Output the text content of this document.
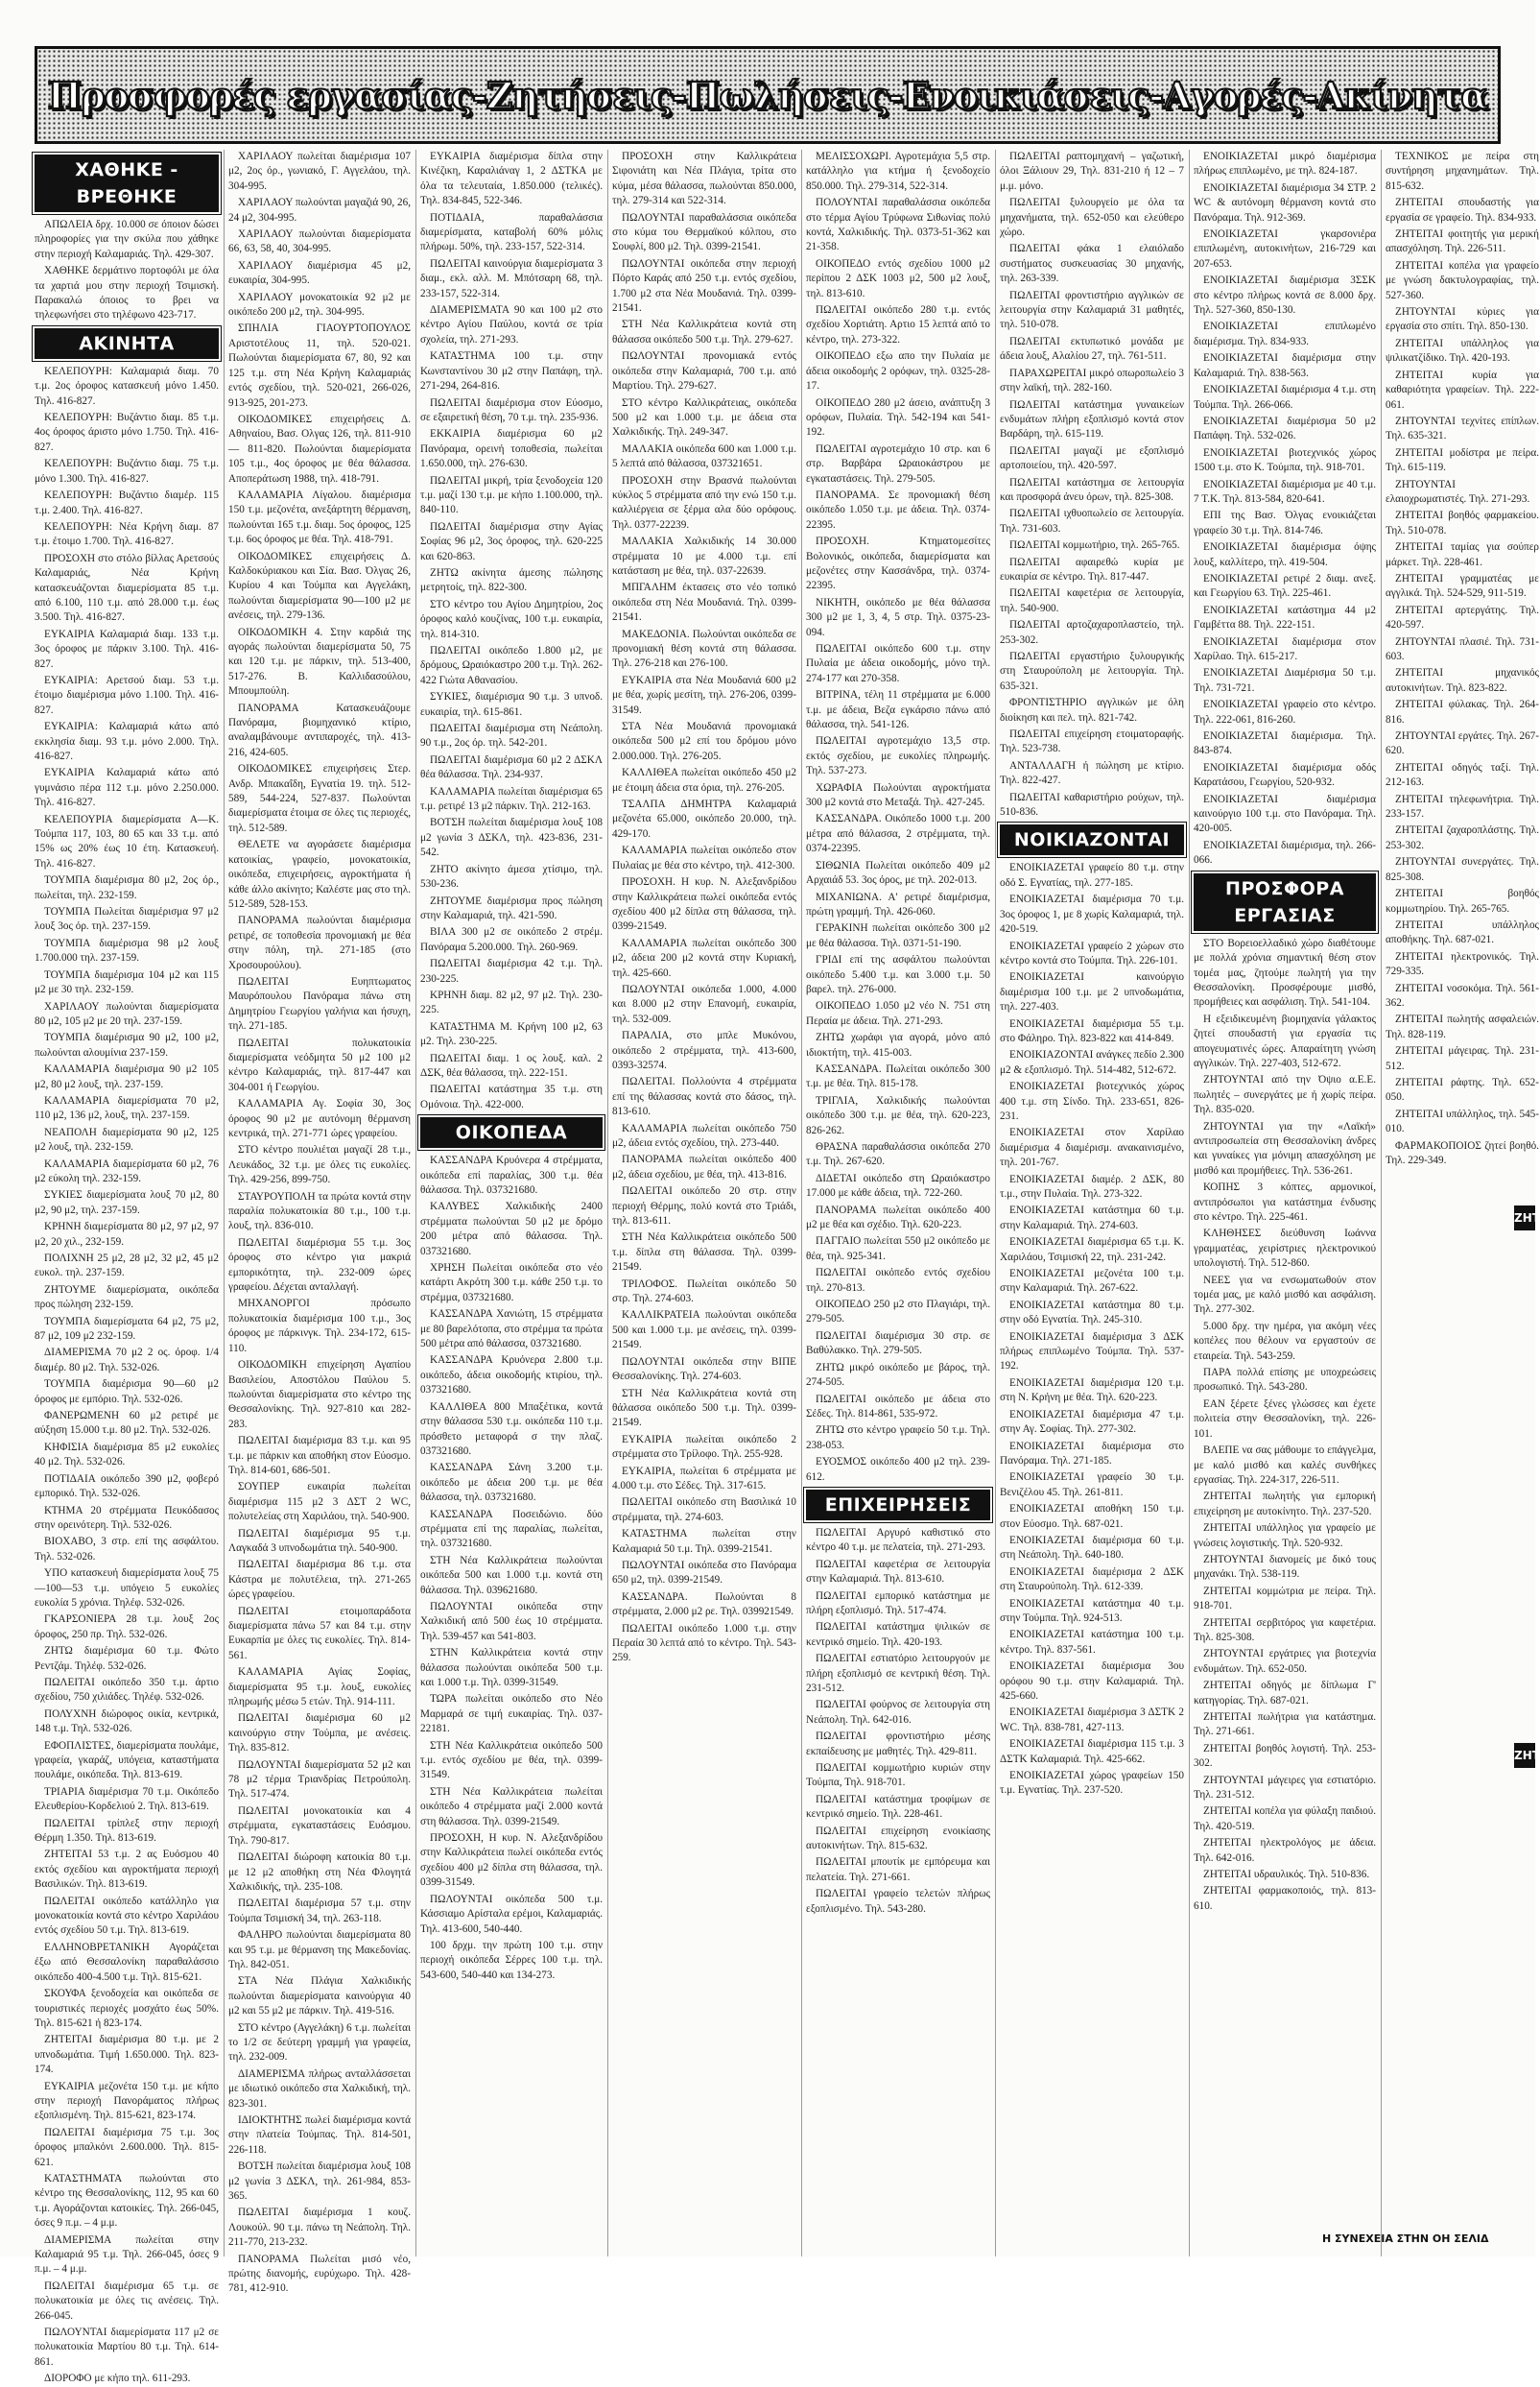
Προσφορές εργασίας-Ζητήσεις-Πωλήσεις-Ενοικιάσεις-Αγορές-Ακίνητα
ΧΑΘΗΚΕ - ΒΡΕΘΗΚΕ

ΑΠΩΛΕΙΑ δρχ. 10.000 σε όποιον δώσει πληροφορίες για την σκύλα που χάθηκε στην περιοχή Καλαμαριάς. Τηλ. 429-307.

ΧΑΘΗΚΕ δερμάτινο πορτοφόλι με όλα τα χαρτιά μου στην περιοχή Τσιμισκή. Παρακαλώ όποιος το βρει να τηλεφωνήσει στο τηλέφωνο 423-717.

ΑΚΙΝΗΤΑ

ΚΕΛΕΠΟΥΡΗ: Καλαμαριά διαμ. 70 τ.μ. 2ος όροφος κατασκευή μόνο 1.450. Τηλ. 416-827.

ΚΕΛΕΠΟΥΡΗ: Βυζάντιο διαμ. 85 τ.μ. 4ος όροφος άριστο μόνο 1.750. Τηλ. 416-827.

ΚΕΛΕΠΟΥΡΗ: Βυζάντιο διαμ. 75 τ.μ. μόνο 1.300. Τηλ. 416-827.

ΚΕΛΕΠΟΥΡΗ: Βυζάντιο διαμέρ. 115 τ.μ. 2.400. Τηλ. 416-827.

ΚΕΛΕΠΟΥΡΗ: Νέα Κρήνη διαμ. 87 τ.μ. έτοιμο 1.700. Τηλ. 416-827.

ΠΡΟΣΟΧΗ στο στόλο βίλλας Αρετσούς Καλαμαριάς, Νέα Κρήνη κατασκευάζονται διαμερίσματα 85 τ.μ. από 6.100, 110 τ.μ. από 28.000 τ.μ. έως 3.500. Τηλ. 416-827.

ΕΥΚΑΙΡΙΑ Καλαμαριά διαμ. 133 τ.μ. 3ος όροφος με πάρκιν 3.100. Τηλ. 416-827.

ΕΥΚΑΙΡΙΑ: Αρετσού διαμ. 53 τ.μ. έτοιμο διαμέρισμα μόνο 1.100. Τηλ. 416-827.

ΕΥΚΑΙΡΙΑ: Καλαμαριά κάτω από εκκλησία διαμ. 93 τ.μ. μόνο 2.000. Τηλ. 416-827.

ΕΥΚΑΙΡΙΑ Καλαμαριά κάτω από γυμνάσιο πέρα 112 τ.μ. μόνο 2.250.000. Τηλ. 416-827.

ΚΕΛΕΠΟΥΡΙΑ διαμερίσματα Α—Κ. Τούμπα 117, 103, 80 65 και 33 τ.μ. από 15% ως 20% έως 10 έτη. Κατασκευή. Τηλ. 416-827.

ΤΟΥΜΠΑ διαμέρισμα 80 μ2, 2ος όρ., πωλείται, τηλ. 232-159.

ΤΟΥΜΠΑ Πωλείται διαμέρισμα 97 μ2 λουξ 3ος όρ. τηλ. 237-159.

ΤΟΥΜΠΑ διαμέρισμα 98 μ2 λουξ 1.700.000 τηλ. 237-159.

ΤΟΥΜΠΑ διαμέρισμα 104 μ2 και 115 μ2 με 30 τηλ. 232-159.

ΧΑΡΙΛΑΟΥ πωλούνται διαμερίσματα 80 μ2, 105 μ2 με 20 τηλ. 237-159.

ΤΟΥΜΠΑ διαμέρισμα 90 μ2, 100 μ2, πωλούνται αλουμίνια 237-159.

ΚΑΛΑΜΑΡΙΑ διαμέρισμα 90 μ2 105 μ2, 80 μ2 λουξ, τηλ. 237-159.

ΚΑΛΑΜΑΡΙΑ διαμερίσματα 70 μ2, 110 μ2, 136 μ2, λουξ, τηλ. 237-159.

ΝΕΑΠΟΛΗ διαμερίσματα 90 μ2, 125 μ2 λουξ, τηλ. 232-159.

ΚΑΛΑΜΑΡΙΑ διαμερίσματα 60 μ2, 76 μ2 εύκολη τηλ. 232-159.

ΣΥΚΙΕΣ διαμερίσματα λουξ 70 μ2, 80 μ2, 90 μ2, τηλ. 237-159.

ΚΡΗΝΗ διαμερίσματα 80 μ2, 97 μ2, 97 μ2, 20 χιλ., 232-159.

ΠΟΛΙΧΝΗ 25 μ2, 28 μ2, 32 μ2, 45 μ2 ευκολ. τηλ. 237-159.

ΖΗΤΟΥΜΕ διαμερίσματα, οικόπεδα προς πώληση 232-159.

ΤΟΥΜΠΑ διαμερίσματα 64 μ2, 75 μ2, 87 μ2, 109 μ2 232-159.

ΔΙΑΜΕΡΙΣΜΑ 70 μ2 2 ος. όροφ. 1/4 διαμέρ. 80 μ2. Τηλ. 532-026.

ΤΟΥΜΠΑ διαμέρισμα 90—60 μ2 όροφος με εμπόριο. Τηλ. 532-026.

ΦΑΝΕΡΩΜΕΝΗ 60 μ2 ρετιρέ με αύξηση 15.000 τ.μ. 80 μ2. Τηλ. 532-026.

ΚΗΦΙΣΙΑ διαμέρισμα 85 μ2 ευκολίες 40 μ2. Τηλ. 532-026.

ΠΟΤΙΔΑΙΑ οικόπεδο 390 μ2, φοβερό εμπορικό. Τηλ. 532-026.

ΚΤΗΜΑ 20 στρέμματα Πευκόδασος στην ορεινότερη. Τηλ. 532-026.

ΒΙΟΧΑΒΟ, 3 στρ. επί της ασφάλτου. Τηλ. 532-026.

ΥΠΟ κατασκευή διαμερίσματα λουξ 75—100—53 τ.μ. υπόγειο 5 ευκολίες ευκολία 5 χρόνια. Τηλέφ. 532-026.

ΓΚΑΡΣΟΝΙΕΡΑ 28 τ.μ. λουξ 2ος όροφος, 250 πρ. Τηλ. 532-026.

ΖΗΤΩ διαμέρισμα 60 τ.μ. Φώτο Ρεντζάμ. Τηλέφ. 532-026.

ΠΩΛΕΙΤΑΙ οικόπεδο 350 τ.μ. άρτιο σχεδίου, 750 χιλιάδες. Τηλέφ. 532-026.

ΠΟΛΥΧΝΗ διώροφος οικία, κεντρικά, 148 τ.μ. Τηλ. 532-026.

ΕΦΟΠΛΙΣΤΕΣ, διαμερίσματα πουλάμε, γραφεία, γκαράζ, υπόγεια, καταστήματα πουλάμε, οικόπεδα. Τηλ. 813-619.

ΤΡΙΑΡΙΑ διαμέρισμα 70 τ.μ. Οικόπεδο Ελευθερίου-Κορδελιού 2. Τηλ. 813-619.

ΠΩΛΕΙΤΑΙ τρίπλεξ στην περιοχή Θέρμη 1.350. Τηλ. 813-619.

ΖΗΤΕΙΤΑΙ 53 τ.μ. 2 ας Ευόσμου 40 εκτός σχεδίου και αγροκτήματα περιοχή Βασιλικών. Τηλ. 813-619.

ΠΩΛΕΙΤΑΙ οικόπεδο κατάλληλο για μονοκατοικία κοντά στο κέντρο Χαριλάου εντός σχεδίου 50 τ.μ. Τηλ. 813-619.

ΕΛΛΗΝΟΒΡΕΤΑΝΙΚΗ Αγοράζεται έξω από Θεσσαλονίκη παραθαλάσσιο οικόπεδο 400-4.500 τ.μ. Τηλ. 815-621.

ΣΚΟΥΦΑ ξενοδοχεία και οικόπεδα σε τουριστικές περιοχές μοσχάτο έως 50%. Τηλ. 815-621 ή 823-174.

ΖΗΤΕΙΤΑΙ διαμέρισμα 80 τ.μ. με 2 υπνοδωμάτια. Τιμή 1.650.000. Τηλ. 823-174.

ΕΥΚΑΙΡΙΑ μεζονέτα 150 τ.μ. με κήπο στην περιοχή Πανοράματος πλήρως εξοπλισμένη. Τηλ. 815-621, 823-174.

ΠΩΛΕΙΤΑΙ διαμέρισμα 75 τ.μ. 3ος όροφος μπαλκόνι 2.600.000. Τηλ. 815-621.

ΚΑΤΑΣΤΗΜΑΤΑ πωλούνται στο κέντρο της Θεσσαλονίκης, 112, 95 και 60 τ.μ. Αγοράζονται κατοικίες. Τηλ. 266-045, όσες 9 π.μ. – 4 μ.μ.

ΔΙΑΜΕΡΙΣΜΑ πωλείται στην Καλαμαριά 95 τ.μ. Τηλ. 266-045, όσες 9 π.μ. – 4 μ.μ.

ΠΩΛΕΙΤΑΙ διαμέρισμα 65 τ.μ. σε πολυκατοικία με όλες τις ανέσεις. Τηλ. 266-045.

ΠΩΛΟΥΝΤΑΙ διαμερίσματα 117 μ2 σε πολυκατοικία Μαρτίου 80 τ.μ. Τηλ. 614-861.

ΔΙΟΡΟΦΟ με κήπο τηλ. 611-293.

ΧΑΡΙΛΑΟΥ πωλείται διαμέρισμα 107 μ2, 2ος όρ., γωνιακό, Γ. Αγγελάου, τηλ. 304-995.

ΧΑΡΙΛΑΟΥ πωλούνται μαγαζιά 90, 26, 24 μ2, 304-995.

ΧΑΡΙΛΑΟΥ πωλούνται διαμερίσματα 66, 63, 58, 40, 304-995.

ΧΑΡΙΛΑΟΥ διαμέρισμα 45 μ2, ευκαιρία, 304-995.

ΧΑΡΙΛΑΟΥ μονοκατοικία 92 μ2 με οικόπεδο 200 μ2, τηλ. 304-995.

ΣΠΗΛΙΑ ΓΙΑΟΥΡΤΟΠΟΥΛΟΣ Αριστοτέλους 11, τηλ. 520-021. Πωλούνται διαμερίσματα 67, 80, 92 και 125 τ.μ. στη Νέα Κρήνη Καλαμαριάς εντός σχεδίου, τηλ. 520-021, 266-026, 913-925, 201-273.

ΟΙΚΟΔΟΜΙΚΕΣ επιχειρήσεις Δ. Αθηναίου, Βασ. Ολγας 126, τηλ. 811-910 — 811-820. Πωλούνται διαμερίσματα 105 τ.μ., 4ος όροφος με θέα θάλασσα. Αποπεράτωση 1988, τηλ. 418-791.

ΚΑΛΑΜΑΡΙΑ Λίγαλου. διαμέρισμα 150 τ.μ. μεζονέτα, ανεξάρτητη θέρμανση, πωλούνται 165 τ.μ. διαμ. 5ος όροφος, 125 τ.μ. 6ος όροφος με θέα. Τηλ. 418-791.

ΟΙΚΟΔΟΜΙΚΕΣ επιχειρήσεις Δ. Καλδοκύριακου και Σία. Βασ. Όλγας 26, Κυρίου 4 και Τούμπα και Αγγελάκη, πωλούνται διαμερίσματα 90—100 μ2 με ανέσεις, τηλ. 279-136.

ΟΙΚΟΔΟΜΙΚΗ 4. Στην καρδιά της αγοράς πωλούνται διαμερίσματα 50, 75 και 120 τ.μ. με πάρκιν, τηλ. 513-400, 517-276. Β. Καλλιδασούλου, Μπουμπούλη.

ΠΑΝΟΡΑΜΑ Κατασκευάζουμε Πανόραμα, βιομηχανικό κτίριο, αναλαμβάνουμε αντιπαροχές, τηλ. 413-216, 424-605.

ΟΙΚΟΔΟΜΙΚΕΣ επιχειρήσεις Στερ. Ανδρ. Μπακαΐδη, Εγνατία 19. τηλ. 512-589, 544-224, 527-837. Πωλούνται διαμερίσματα έτοιμα σε όλες τις περιοχές, τηλ. 512-589.

ΘΕΛΕΤΕ να αγοράσετε διαμέρισμα κατοικίας, γραφείο, μονοκατοικία, οικόπεδα, επιχειρήσεις, αγροκτήματα ή κάθε άλλο ακίνητο; Καλέστε μας στο τηλ. 512-589, 528-153.

ΠΑΝΟΡΑΜΑ πωλούνται διαμέρισμα ρετιρέ, σε τοποθεσία προνομιακή με θέα στην πόλη, τηλ. 271-185 (στο Χροσουρούλου).

ΠΩΛΕΙΤΑΙ Ευηπτωματος Μαυρόπουλου Πανόραμα πάνω στη Δημητρίου Γεωργίου γαλήνια και ήσυχη, τηλ. 271-185.

ΠΩΛΕΙΤΑΙ πολυκατοικία διαμερίσματα νεόδμητα 50 μ2 100 μ2 κέντρο Καλαμαριάς, τηλ. 817-447 και 304-001 ή Γεωργίου.

ΚΑΛΑΜΑΡΙΑ Αγ. Σοφία 30, 3ος όροφος 90 μ2 με αυτόνομη θέρμανση κεντρικά, τηλ. 271-771 ώρες γραφείου.

ΣΤΟ κέντρο πουλιέται μαγαζί 28 τ.μ., Λευκάδος, 32 τ.μ. με όλες τις ευκολίες. Τηλ. 429-256, 899-750.

ΣΤΑΥΡΟΥΠΟΛΗ τα πρώτα κοντά στην παραλία πολυκατοικία 80 τ.μ., 100 τ.μ. λουξ, τηλ. 836-010.

ΠΩΛΕΙΤΑΙ διαμέρισμα 55 τ.μ. 3ος όροφος στο κέντρο για μακριά εμπορικότητα, τηλ. 232-009 ώρες γραφείου. Δέχεται ανταλλαγή.

ΜΗΧΑΝΟΡΓΟΙ πρόσωπο πολυκατοικία διαμέρισμα 100 τ.μ., 3ος όροφος με πάρκινγκ. Τηλ. 234-172, 615-110.

ΟΙΚΟΔΟΜΙΚΗ επιχείρηση Αγαπίου Βασιλείου, Αποστόλου Παύλου 5. πωλούνται διαμερίσματα στο κέντρο της Θεσσαλονίκης. Τηλ. 927-810 και 282-283.

ΠΩΛΕΙΤΑΙ διαμέρισμα 83 τ.μ. και 95 τ.μ. με πάρκιν και αποθήκη στον Εύοσμο. Τηλ. 814-601, 686-501.

ΣΟΥΠΕΡ ευκαιρία πωλείται διαμέρισμα 115 μ2 3 ΔΣΤ 2 WC, πολυτελείας στη Χαριλάου, τηλ. 540-900.

ΠΩΛΕΙΤΑΙ διαμέρισμα 95 τ.μ. Λαγκαδά 3 υπνοδωμάτια τηλ. 540-900.

ΠΩΛΕΙΤΑΙ διαμέρισμα 86 τ.μ. στα Κάστρα με πολυτέλεια, τηλ. 271-265 ώρες γραφείου.

ΠΩΛΕΙΤΑΙ ετοιμοπαράδοτα διαμερίσματα πάνω 57 και 84 τ.μ. στην Ευκαρπία με όλες τις ευκολίες. Τηλ. 814-561.

ΚΑΛΑΜΑΡΙΑ Αγίας Σοφίας, διαμερίσματα 95 τ.μ. λουξ, ευκολίες πληρωμής μέσω 5 ετών. Τηλ. 914-111.

ΠΩΛΕΙΤΑΙ διαμέρισμα 60 μ2 καινούργιο στην Τούμπα, με ανέσεις. Τηλ. 835-812.

ΠΩΛΟΥΝΤΑΙ διαμερίσματα 52 μ2 και 78 μ2 τέρμα Τριανδρίας Πετρούπολη. Τηλ. 517-474.

ΠΩΛΕΙΤΑΙ μονοκατοικία και 4 στρέμματα, εγκαταστάσεις Ευόσμου. Τηλ. 790-817.

ΠΩΛΕΙΤΑΙ διώροφη κατοικία 80 τ.μ. με 12 μ2 αποθήκη στη Νέα Φλογητά Χαλκιδικής, τηλ. 235-108.

ΠΩΛΕΙΤΑΙ διαμέρισμα 57 τ.μ. στην Τούμπα Τσιμισκή 34, τηλ. 263-118.

ΦΑΛΗΡΟ πωλούνται διαμερίσματα 80 και 95 τ.μ. με θέρμανση της Μακεδονίας. Τηλ. 842-051.

ΣΤΑ Νέα Πλάγια Χαλκιδικής πωλούνται διαμερίσματα καινούργια 40 μ2 και 55 μ2 με πάρκιν. Τηλ. 419-516.

ΣΤΟ κέντρο (Αγγελάκη) 6 τ.μ. πωλείται το 1/2 σε δεύτερη γραμμή για γραφεία, τηλ. 232-009.

ΔΙΑΜΕΡΙΣΜΑ πλήρως ανταλλάσσεται με ιδιωτικό οικόπεδο στα Χαλκιδική, τηλ. 823-301.

ΙΔΙΟΚΤΗΤΗΣ πωλεί διαμέρισμα κοντά στην πλατεία Τούμπας. Τηλ. 814-501, 226-118.

ΒΟΤΣΗ πωλείται διαμέρισμα λουξ 108 μ2 γωνία 3 ΔΣΚΛ, τηλ. 261-984, 853-365.

ΠΩΛΕΙΤΑΙ διαμέρισμα 1 κουζ. Λουκούλ. 90 τ.μ. πάνω τη Νεάπολη. Τηλ. 211-770, 213-232.

ΠΑΝΟΡΑΜΑ Πωλείται μισό νέο, πρώτης διανομής, ευρύχωρο. Τηλ. 428-781, 412-910.

ΕΥΚΑΙΡΙΑ διαμέρισμα δίπλα στην Κινέζικη, Καραλιάναγ 1, 2 ΔΣΤΚΑ με όλα τα τελευταία, 1.850.000 (τελικές). Τηλ. 834-845, 522-346.

ΠΟΤΙΔΑΙΑ, παραθαλάσσια διαμερίσματα, καταβολή 60% μόλις πλήρωμ. 50%, τηλ. 233-157, 522-314.

ΠΩΛΕΙΤΑΙ καινούργια διαμερίσματα 3 διαμ., εκλ. αλλ. Μ. Μπότσαρη 68, τηλ. 233-157, 522-314.

ΔΙΑΜΕΡΙΣΜΑΤΑ 90 και 100 μ2 στο κέντρο Αγίου Παύλου, κοντά σε τρία σχολεία, τηλ. 271-293.

ΚΑΤΑΣΤΗΜΑ 100 τ.μ. στην Κωνσταντίνου 30 μ2 στην Παπάφη, τηλ. 271-294, 264-816.

ΠΩΛΕΙΤΑΙ διαμέρισμα στον Εύοσμο, σε εξαιρετική θέση, 70 τ.μ. τηλ. 235-936.

ΕΚΚΑΙΡΙΑ διαμέρισμα 60 μ2 Πανόραμα, ορεινή τοποθεσία, πωλείται 1.650.000, τηλ. 276-630.

ΠΩΛΕΙΤΑΙ μικρή, τρία ξενοδοχεία 120 τ.μ. μαζί 130 τ.μ. με κήπο 1.100.000, τηλ. 840-110.

ΠΩΛΕΙΤΑΙ διαμέρισμα στην Αγίας Σοφίας 96 μ2, 3ος όροφος, τηλ. 620-225 και 620-863.

ΖΗΤΩ ακίνητα άμεσης πώλησης μετρητοίς, τηλ. 822-300.

ΣΤΟ κέντρο του Αγίου Δημητρίου, 2ος όροφος καλό κουζίνας, 100 τ.μ. ευκαιρία, τηλ. 814-310.

ΠΩΛΕΙΤΑΙ οικόπεδο 1.800 μ2, με δρόμους, Ωραιόκαστρο 200 τ.μ. Τηλ. 262-422 Γιώτα Αθανασίου.

ΣΥΚΙΕΣ, διαμέρισμα 90 τ.μ. 3 υπνοδ. ευκαιρία, τηλ. 615-861.

ΠΩΛΕΙΤΑΙ διαμέρισμα στη Νεάπολη. 90 τ.μ., 2ος όρ. τηλ. 542-201.

ΠΩΛΕΙΤΑΙ διαμέρισμα 60 μ2 2 ΔΣΚΛ θέα θάλασσα. Τηλ. 234-937.

ΚΑΛΑΜΑΡΙΑ πωλείται διαμέρισμα 65 τ.μ. ρετιρέ 13 μ2 πάρκιν. Τηλ. 212-163.

ΒΟΤΣΗ πωλείται διαμέρισμα λουξ 108 μ2 γωνία 3 ΔΣΚΛ, τηλ. 423-836, 231-542.

ΖΗΤΟ ακίνητο άμεσα χτίσιμο, τηλ. 530-236.

ΖΗΤΟΥΜΕ διαμέρισμα προς πώληση στην Καλαμαριά, τηλ. 421-590.

ΒΙΛΑ 300 μ2 σε οικόπεδο 2 στρέμ. Πανόραμα 5.200.000. Τηλ. 260-969.

ΠΩΛΕΙΤΑΙ διαμέρισμα 42 τ.μ. Τηλ. 230-225.

ΚΡΗΝΗ διαμ. 82 μ2, 97 μ2. Τηλ. 230-225.

ΚΑΤΑΣΤΗΜΑ Μ. Κρήνη 100 μ2, 63 μ2. Τηλ. 230-225.

ΠΩΛΕΙΤΑΙ διαμ. 1 ος λουξ. καλ. 2 ΔΣΚ, θέα θάλασσα, τηλ. 222-151.

ΠΩΛΕΙΤΑΙ κατάστημα 35 τ.μ. στη Ομόνοια. Τηλ. 422-000.

ΟΙΚΟΠΕΔΑ

ΚΑΣΣΑΝΔΡΑ Κρυόνερα 4 στρέμματα, οικόπεδα επί παραλίας, 300 τ.μ. θέα θάλασσα. Τηλ. 037321680.

ΚΑΛΥΒΕΣ Χαλκιδικής 2400 στρέμματα πωλούνται 50 μ2 με δρόμο 200 μέτρα από θάλασσα. Τηλ. 037321680.

ΧΡΗΣΗ Πωλείται οικόπεδα στο νέο κατάρτι Ακρότη 300 τ.μ. κάθε 250 τ.μ. το στρέμμα, 037321680.

ΚΑΣΣΑΝΔΡΑ Χανιώτη, 15 στρέμματα με 80 βαρελότοπα, στο στρέμμα τα πρώτα 500 μέτρα από θάλασσα, 037321680.

ΚΑΣΣΑΝΔΡΑ Κρυόνερα 2.800 τ.μ. οικόπεδο, άδεια οικοδομής κτιρίου, τηλ. 037321680.

ΚΑΛΛΙΘΕΑ 800 Μπαξέτικα, κοντά στην θάλασσα 530 τ.μ. οικόπεδα 110 τ.μ. πρόσθετο μεταφορά σ την πλαζ. 037321680.

ΚΑΣΣΑΝΔΡΑ Σάνη 3.200 τ.μ. οικόπεδο με άδεια 200 τ.μ. με θέα θάλασσα, τηλ. 037321680.

ΚΑΣΣΑΝΔΡΑ Ποσειδώνιο. δύο στρέμματα επί της παραλίας, πωλείται, τηλ. 037321680.

ΣΤΗ Νέα Καλλικράτεια πωλούνται οικόπεδα 500 και 1.000 τ.μ. κοντά στη θάλασσα. Τηλ. 039621680.

ΠΩΛΟΥΝΤΑΙ οικόπεδα στην Χαλκιδική από 500 έως 10 στρέμματα. Τηλ. 539-457 και 541-803.

ΣΤΗΝ Καλλικράτεια κοντά στην θάλασσα πωλούνται οικόπεδα 500 τ.μ. και 1.000 τ.μ. Τηλ. 0399-31549.

ΤΩΡΑ πωλείται οικόπεδο στο Νέο Μαρμαρά σε τιμή ευκαιρίας. Τηλ. 037-22181.

ΣΤΗ Νέα Καλλικράτεια οικόπεδο 500 τ.μ. εντός σχεδίου με θέα, τηλ. 0399-31549.

ΣΤΗ Νέα Καλλικράτεια πωλείται οικόπεδο 4 στρέμματα μαζί 2.000 κοντά στη θάλασσα. Τηλ. 0399-21549.

ΠΡΟΣΟΧΗ, Η κυρ. Ν. Αλεξανδρίδου στην Καλλικράτεια πωλεί οικόπεδα εντός σχεδίου 400 μ2 δίπλα στη θάλασσα, τηλ. 0399-31549.

ΠΩΛΟΥΝΤΑΙ οικόπεδα 500 τ.μ. Κάσσιαμο Αρίσταλα ερέμοι, Καλαμαριάς. Τηλ. 413-600, 540-440.

100 δρχμ. την πρώτη 100 τ.μ. στην περιοχή οικόπεδα Σέρρες 100 τ.μ. τηλ. 543-600, 540-440 και 134-273.

ΠΡΟΣΟΧΗ στην Καλλικράτεια Σιφονιάτη και Νέα Πλάγια, τρίτα στο κύμα, μέσα θάλασσα, πωλούνται 850.000, τηλ. 279-314 και 522-314.

ΠΩΛΟΥΝΤΑΙ παραθαλάσσια οικόπεδα στο κύμα του Θερμαϊκού κόλπου, στο Σουφλί, 800 μ2. Τηλ. 0399-21541.

ΠΩΛΟΥΝΤΑΙ οικόπεδα στην περιοχή Πόρτο Καράς από 250 τ.μ. εντός σχεδίου, 1.700 μ2 στα Νέα Μουδανιά. Τηλ. 0399-21541.

ΣΤΗ Νέα Καλλικράτεια κοντά στη θάλασσα οικόπεδο 500 τ.μ. Τηλ. 279-627.

ΠΩΛΟΥΝΤΑΙ προνομιακά εντός οικόπεδα στην Καλαμαριά, 700 τ.μ. από Μαρτίου. Τηλ. 279-627.

ΣΤΟ κέντρο Καλλικράτειας, οικόπεδα 500 μ2 και 1.000 τ.μ. με άδεια στα Χαλκιδικής. Τηλ. 249-347.

ΜΑΛΑΚΙΑ οικόπεδα 600 και 1.000 τ.μ. 5 λεπτά από θάλασσα, 037321651.

ΠΡΟΣΟΧΗ στην Βρασνά πωλούνται κύκλος 5 στρέμματα από την ενώ 150 τ.μ. καλλιέργεια σε ξέρμα αλα δύο ορόφους. Τηλ. 0377-22239.

ΜΑΛΑΚΙΑ Χαλκιδικής 14 30.000 στρέμματα 10 με 4.000 τ.μ. επί κατάσταση με θέα, τηλ. 037-22639.

ΜΠΓΑΛΗΜ έκτασεις στο νέο τοπικό οικόπεδα στη Νέα Μουδανιά. Τηλ. 0399-21541.

ΜΑΚΕΔΟΝΙΑ. Πωλούνται οικόπεδα σε προνομιακή θέση κοντά στη θάλασσα. Τηλ. 276-218 και 276-100.

ΕΥΚΑΙΡΙΑ στα Νέα Μουδανιά 600 μ2 με θέα, χωρίς μεσίτη, τηλ. 276-206, 0399-31549.

ΣΤΑ Νέα Μουδανιά προνομιακά οικόπεδα 500 μ2 επί του δρόμου μόνο 2.000.000. Τηλ. 276-205.

ΚΑΛΛΙΘΕΑ πωλείται οικόπεδο 450 μ2 με έτοιμη άδεια στα όρια, τηλ. 276-205.

ΤΣΑΛΠΑ ΔΗΜΗΤΡΑ Καλαμαριά μεζονέτα 65.000, οικόπεδο 20.000, τηλ. 429-170.

ΚΑΛΑΜΑΡΙΑ πωλείται οικόπεδο στον Πυλαίας με θέα στο κέντρο, τηλ. 412-300.

ΠΡΟΣΟΧΗ. Η κυρ. Ν. Αλεξανδρίδου στην Καλλικράτεια πωλεί οικόπεδα εντός σχεδίου 400 μ2 δίπλα στη θάλασσα, τηλ. 0399-21549.

ΚΑΛΑΜΑΡΙΑ πωλείται οικόπεδο 300 μ2, άδεια 200 μ2 κοντά στην Κυριακή, τηλ. 425-660.

ΠΩΛΟΥΝΤΑΙ οικόπεδα 1.000, 4.000 και 8.000 μ2 στην Επανομή, ευκαιρία, τηλ. 532-009.

ΠΑΡΑΛΙΑ, στο μπλε Μυκόνου, οικόπεδο 2 στρέμματα, τηλ. 413-600, 0393-32574.

ΠΩΛΕΙΤΑΙ. Πολλούντα 4 στρέμματα επί της θάλασσας κοντά στο δάσος, τηλ. 813-610.

ΚΑΛΑΜΑΡΙΑ πωλείται οικόπεδο 750 μ2, άδεια εντός σχεδίου, τηλ. 273-440.

ΠΑΝΟΡΑΜΑ πωλείται οικόπεδο 400 μ2, άδεια σχεδίου, με θέα, τηλ. 413-816.

ΠΩΛΕΙΤΑΙ οικόπεδο 20 στρ. στην περιοχή Θέρμης, πολύ κοντά στο Τριάδι, τηλ. 813-611.

ΣΤΗ Νέα Καλλικράτεια οικόπεδο 500 τ.μ. δίπλα στη θάλασσα. Τηλ. 0399-21549.

ΤΡΙΛΟΦΟΣ. Πωλείται οικόπεδο 50 στρ. Τηλ. 274-603.

ΚΑΛΛΙΚΡΑΤΕΙΑ πωλούνται οικόπεδα 500 και 1.000 τ.μ. με ανέσεις, τηλ. 0399-21549.

ΠΩΛΟΥΝΤΑΙ οικόπεδα στην ΒΙΠΕ Θεσσαλονίκης. Τηλ. 274-603.

ΣΤΗ Νέα Καλλικράτεια κοντά στη θάλασσα οικόπεδο 500 τ.μ. Τηλ. 0399-21549.

ΕΥΚΑΙΡΙΑ πωλείται οικόπεδο 2 στρέμματα στο Τρίλοφο. Τηλ. 255-928.

ΕΥΚΑΙΡΙΑ, πωλείται 6 στρέμματα με 4.000 τ.μ. στο Σέδες. Τηλ. 317-615.

ΠΩΛΕΙΤΑΙ οικόπεδο στη Βασιλικά 10 στρέμματα, τηλ. 274-603.

ΚΑΤΑΣΤΗΜΑ πωλείται στην Καλαμαριά 50 τ.μ. Τηλ. 0399-21541.

ΠΩΛΟΥΝΤΑΙ οικόπεδα στο Πανόραμα 650 μ2, τηλ. 0399-21549.

ΚΑΣΣΑΝΔΡΑ. Πωλούνται 8 στρέμματα, 2.000 μ2 ρε. Τηλ. 039921549.

ΠΩΛΕΙΤΑΙ οικόπεδο 1.000 τ.μ. στην Περαία 30 λεπτά από το κέντρο. Τηλ. 543-259.

ΜΕΛΙΣΣΟΧΩΡΙ. Αγροτεμάχια 5,5 στρ. κατάλληλο για κτήμα ή ξενοδοχείο 850.000. Τηλ. 279-314, 522-314.

ΠΟΛΟΥΝΤΑΙ παραθαλάσσια οικόπεδα στο τέρμα Αγίου Τρύφωνα Σιθωνίας πολύ κοντά, Χαλκιδικής. Τηλ. 0373-51-362 και 21-358.

ΟΙΚΟΠΕΔΟ εντός σχεδίου 1000 μ2 περίπου 2 ΔΣΚ 1003 μ2, 500 μ2 λουξ, τηλ. 813-610.

ΠΩΛΕΙΤΑΙ οικόπεδο 280 τ.μ. εντός σχεδίου Χορτιάτη. Αρτιο 15 λεπτά από το κέντρο, τηλ. 273-322.

ΟΙΚΟΠΕΔΟ εξω απο την Πυλαία με άδεια οικοδομής 2 ορόφων, τηλ. 0325-28-17.

ΟΙΚΟΠΕΔΟ 280 μ2 άσειο, ανάπτυξη 3 ορόφων, Πυλαία. Τηλ. 542-194 και 541-192.

ΠΩΛΕΙΤΑΙ αγροτεμάχιο 10 στρ. και 6 στρ. Βαρβάρα Ωραιοκάστρου με εγκαταστάσεις. Τηλ. 279-505.

ΠΑΝΟΡΑΜΑ. Σε προνομιακή θέση οικόπεδο 1.050 τ.μ. με άδεια. Τηλ. 0374-22395.

ΠΡΟΣΟΧΗ. Κτηματομεσίτες Βολονικός, οικόπεδα, διαμερίσματα και μεζονέτες στην Κασσάνδρα, τηλ. 0374-22395.

ΝΙΚΗΤΗ, οικόπεδο με θέα θάλασσα 300 μ2 με 1, 3, 4, 5 στρ. Τηλ. 0375-23-094.

ΠΩΛΕΙΤΑΙ οικόπεδο 600 τ.μ. στην Πυλαία με άδεια οικοδομής, μόνο τηλ. 274-177 και 270-358.

ΒΙΤΡΙΝΑ, τέλη 11 στρέμματα με 6.000 τ.μ. με άδεια, Βεζα εγκάρσιο πάνω από θάλασσα, τηλ. 541-126.

ΠΩΛΕΙΤΑΙ αγροτεμάχιο 13,5 στρ. εκτός σχεδίου, με ευκολίες πληρωμής. Τηλ. 537-273.

ΧΩΡΑΦΙΑ Πωλούνται αγροκτήματα 300 μ2 κοντά στο Μεταξά. Τηλ. 427-245.

ΚΑΣΣΑΝΔΡΑ. Οικόπεδο 1000 τ.μ. 200 μέτρα από θάλασσα, 2 στρέμματα, τηλ. 0374-22395.

ΣΙΘΩΝΙΑ Πωλείται οικόπεδο 409 μ2 Αρχαιάδ 53. 3ος όρος, με τηλ. 202-013.

ΜΙΧΑΝΙΩΝΑ. Α' ρετιρέ διαμέρισμα, πρώτη γραμμή. Τηλ. 426-060.

ΓΕΡΑΚΙΝΗ πωλείται οικόπεδο 300 μ2 με θέα θάλασσα. Τηλ. 0371-51-190.

ΓΡΙΔΙ επί της ασφάλτου πωλούνται οικόπεδο 5.400 τ.μ. και 3.000 τ.μ. 50 βαρελ. τηλ. 276-000.

ΟΙΚΟΠΕΔΟ 1.050 μ2 νέο Ν. 751 στη Περαία με άδεια. Τηλ. 271-293.

ΖΗΤΩ χωράφι για αγορά, μόνο από ιδιοκτήτη, τηλ. 415-003.

ΚΑΣΣΑΝΔΡΑ. Πωλείται οικόπεδο 300 τ.μ. με θέα. Τηλ. 815-178.

ΤΡΙΓΛΙΑ, Χαλκιδικής πωλούνται οικόπεδο 300 τ.μ. με θέα, τηλ. 620-223, 826-262.

ΘΡΑΣΝΑ παραθαλάσσια οικόπεδα 270 τ.μ. Τηλ. 267-620.

ΔΙΔΕΤΑΙ οικόπεδο στη Ωραιόκαστρο 17.000 με κάθε άδεια, τηλ. 722-260.

ΠΑΝΟΡΑΜΑ πωλείται οικόπεδο 400 μ2 με θέα και σχέδιο. Τηλ. 620-223.

ΠΑΓΓΑΙΟ πωλείται 550 μ2 οικόπεδο με θέα, τηλ. 925-341.

ΠΩΛΕΙΤΑΙ οικόπεδο εντός σχεδίου τηλ. 270-813.

ΟΙΚΟΠΕΔΟ 250 μ2 στο Πλαγιάρι, τηλ. 279-505.

ΠΩΛΕΙΤΑΙ διαμέρισμα 30 στρ. σε Βαθύλακκο. Τηλ. 279-505.

ΖΗΤΩ μικρό οικόπεδο με βάρος, τηλ. 274-505.

ΠΩΛΕΙΤΑΙ οικόπεδο με άδεια στο Σέδες. Τηλ. 814-861, 535-972.

ΖΗΤΩ στο κέντρο γραφείο 50 τ.μ. Τηλ. 238-053.

ΕΥΟΣΜΟΣ οικόπεδο 400 μ2 τηλ. 239-612.

ΕΠΙΧΕΙΡΗΣΕΙΣ

ΠΩΛΕΙΤΑΙ Αργυρό καθιστικό στο κέντρο 40 τ.μ. με πελατεία, τηλ. 271-293.

ΠΩΛΕΙΤΑΙ καφετέρια σε λειτουργία στην Καλαμαριά. Τηλ. 813-610.

ΠΩΛΕΙΤΑΙ εμπορικό κατάστημα με πλήρη εξοπλισμό. Τηλ. 517-474.

ΠΩΛΕΙΤΑΙ κατάστημα ψιλικών σε κεντρικό σημείο. Τηλ. 420-193.

ΠΩΛΕΙΤΑΙ εστιατόριο λειτουργούν με πλήρη εξοπλισμό σε κεντρική θέση. Τηλ. 231-512.

ΠΩΛΕΙΤΑΙ φούρνος σε λειτουργία στη Νεάπολη. Τηλ. 642-016.

ΠΩΛΕΙΤΑΙ φροντιστήριο μέσης εκπαίδευσης με μαθητές. Τηλ. 429-811.

ΠΩΛΕΙΤΑΙ κομμωτήριο κυριών στην Τούμπα, Τηλ. 918-701.

ΠΩΛΕΙΤΑΙ κατάστημα τροφίμων σε κεντρικό σημείο. Τηλ. 228-461.

ΠΩΛΕΙΤΑΙ επιχείρηση ενοικίασης αυτοκινήτων. Τηλ. 815-632.

ΠΩΛΕΙΤΑΙ μπουτίκ με εμπόρευμα και πελατεία. Τηλ. 271-661.

ΠΩΛΕΙΤΑΙ γραφείο τελετών πλήρως εξοπλισμένο. Τηλ. 543-280.

ΠΩΛΕΙΤΑΙ ραπτομηχανή – γαζωτική, όλοι Ξάλιουν 29, Τηλ. 831-210 ή 12 – 7 μ.μ. μόνο.

ΠΩΛΕΙΤΑΙ ξυλουργείο με όλα τα μηχανήματα, τηλ. 652-050 και ελεύθερο χώρο.

ΠΩΛΕΙΤΑΙ φάκα 1 ελαιόλαδο συστήματος συσκευασίας 30 μηχανής, τηλ. 263-339.

ΠΩΛΕΙΤΑΙ φροντιστήριο αγγλικών σε λειτουργία στην Καλαμαριά 31 μαθητές, τηλ. 510-078.

ΠΩΛΕΙΤΑΙ εκτυπωτικό μονάδα με άδεια λουξ, Αλαλίου 27, τηλ. 761-511.

ΠΑΡΑΧΩΡΕΙΤΑΙ μικρό οπωροπωλείο 3 στην λαϊκή, τηλ. 282-160.

ΠΩΛΕΙΤΑΙ κατάστημα γυναικείων ενδυμάτων πλήρη εξοπλισμό κοντά στον Βαρδάρη, τηλ. 615-119.

ΠΩΛΕΙΤΑΙ μαγαζί με εξοπλισμό αρτοποιείου, τηλ. 420-597.

ΠΩΛΕΙΤΑΙ κατάστημα σε λειτουργία και προσφορά άνευ όρων, τηλ. 825-308.

ΠΩΛΕΙΤΑΙ ιχθυοπωλείο σε λειτουργία. Τηλ. 731-603.

ΠΩΛΕΙΤΑΙ κομμωτήριο, τηλ. 265-765.

ΠΩΛΕΙΤΑΙ αφαιρεθώ κυρία με ευκαιρία σε κέντρο. Τηλ. 817-447.

ΠΩΛΕΙΤΑΙ καφετέρια σε λειτουργία, τηλ. 540-900.

ΠΩΛΕΙΤΑΙ αρτοζαχαροπλαστείο, τηλ. 253-302.

ΠΩΛΕΙΤΑΙ εργαστήριο ξυλουργικής στη Σταυρούπολη με λειτουργία. Τηλ. 635-321.

ΦΡΟΝΤΙΣΤΗΡΙΟ αγγλικών με όλη διοίκηση και πελ. τηλ. 821-742.

ΠΩΛΕΙΤΑΙ επιχείρηση ετοιματοραφής. Τηλ. 523-738.

ΑΝΤΑΛΛΑΓΗ ή πώληση με κτίριο. Τηλ. 822-427.

ΠΩΛΕΙΤΑΙ καθαριστήριο ρούχων, τηλ. 510-836.

ΝΟΙΚΙΑΖΟΝΤΑΙ

ΕΝΟΙΚΙΑΖΕΤΑΙ γραφείο 80 τ.μ. στην οδό Σ. Εγνατίας, τηλ. 277-185.

ΕΝΟΙΚΙΑΖΕΤΑΙ διαμέρισμα 70 τ.μ. 3ος όροφος 1, με 8 χωρίς Καλαμαριά, τηλ. 420-519.

ΕΝΟΙΚΙΑΖΕΤΑΙ γραφείο 2 χώρων στο κέντρο κοντά στο Τούμπα. Τηλ. 226-101.

ΕΝΟΙΚΙΑΖΕΤΑΙ καινούργιο διαμέρισμα 100 τ.μ. με 2 υπνοδωμάτια, τηλ. 227-403.

ΕΝΟΙΚΙΑΖΕΤΑΙ διαμέρισμα 55 τ.μ. στο Φάληρο. Τηλ. 823-822 και 414-849.

ΕΝΟΙΚΙΑΖΟΝΤΑΙ ανάγκες πεδίο 2.300 μ2 & εξοπλισμό. Τηλ. 514-482, 512-672.

ΕΝΟΙΚΙΑΖΕΤΑΙ βιοτεχνικός χώρος 400 τ.μ. στη Σίνδο. Τηλ. 233-651, 826-231.

ΕΝΟΙΚΙΑΖΕΤΑΙ στον Χαρίλαο διαμέρισμα 4 διαμέρισμ. ανακαινισμένο, τηλ. 201-767.

ΕΝΟΙΚΙΑΖΕΤΑΙ διαμέρ. 2 ΔΣΚ, 80 τ.μ., στην Πυλαία. Τηλ. 273-322.

ΕΝΟΙΚΙΑΖΕΤΑΙ κατάστημα 60 τ.μ. στην Καλαμαριά. Τηλ. 274-603.

ΕΝΟΙΚΙΑΖΕΤΑΙ διαμέρισμα 65 τ.μ. Κ. Χαριλάου, Τσιμισκή 22, τηλ. 231-242.

ΕΝΟΙΚΙΑΖΕΤΑΙ μεζονέτα 100 τ.μ. στην Καλαμαριά. Τηλ. 267-622.

ΕΝΟΙΚΙΑΖΕΤΑΙ κατάστημα 80 τ.μ. στην οδό Εγνατία. Τηλ. 245-310.

ΕΝΟΙΚΙΑΖΕΤΑΙ διαμέρισμα 3 ΔΣΚ πλήρως επιπλωμένο Τούμπα. Τηλ. 537-192.

ΕΝΟΙΚΙΑΖΕΤΑΙ διαμέρισμα 120 τ.μ. στη Ν. Κρήνη με θέα. Τηλ. 620-223.

ΕΝΟΙΚΙΑΖΕΤΑΙ διαμέρισμα 47 τ.μ. στην Αγ. Σοφίας. Τηλ. 277-302.

ΕΝΟΙΚΙΑΖΕΤΑΙ διαμέρισμα στο Πανόραμα. Τηλ. 271-185.

ΕΝΟΙΚΙΑΖΕΤΑΙ γραφείο 30 τ.μ. Βενιζέλου 45. Τηλ. 261-811.

ΕΝΟΙΚΙΑΖΕΤΑΙ αποθήκη 150 τ.μ. στον Εύοσμο. Τηλ. 687-021.

ΕΝΟΙΚΙΑΖΕΤΑΙ διαμέρισμα 60 τ.μ. στη Νεάπολη. Τηλ. 640-180.

ΕΝΟΙΚΙΑΖΕΤΑΙ διαμέρισμα 2 ΔΣΚ στη Σταυρούπολη. Τηλ. 612-339.

ΕΝΟΙΚΙΑΖΕΤΑΙ κατάστημα 40 τ.μ. στην Τούμπα. Τηλ. 924-513.

ΕΝΟΙΚΙΑΖΕΤΑΙ κατάστημα 100 τ.μ. κέντρο. Τηλ. 837-561.

ΕΝΟΙΚΙΑΖΕΤΑΙ διαμέρισμα 3ου ορόφου 90 τ.μ. στην Καλαμαριά. Τηλ. 425-660.

ΕΝΟΙΚΙΑΖΕΤΑΙ διαμέρισμα 3 ΔΣΤΚ 2 WC. Τηλ. 838-781, 427-113.

ΕΝΟΙΚΙΑΖΕΤΑΙ διαμέρισμα 115 τ.μ. 3 ΔΣΤΚ Καλαμαριά. Τηλ. 425-662.

ΕΝΟΙΚΙΑΖΕΤΑΙ χώρος γραφείων 150 τ.μ. Εγνατίας. Τηλ. 237-520.

ΕΝΟΙΚΙΑΖΕΤΑΙ μικρό διαμέρισμα πλήρως επιπλωμένο, με τηλ. 824-187.

ΕΝΟΙΚΙΑΖΕΤΑΙ διαμέρισμα 34 ΣΤΡ. 2 WC & αυτόνομη θέρμανση κοντά στο Πανόραμα. Τηλ. 912-369.

ΕΝΟΙΚΙΑΖΕΤΑΙ γκαρσονιέρα επιπλωμένη, αυτοκινήτων, 216-729 και 207-653.

ΕΝΟΙΚΙΑΖΕΤΑΙ διαμέρισμα 3ΣΣΚ στο κέντρο πλήρως κοντά σε 8.000 δρχ. Τηλ. 527-360, 850-130.

ΕΝΟΙΚΙΑΖΕΤΑΙ επιπλωμένο διαμέρισμα. Τηλ. 834-933.

ΕΝΟΙΚΙΑΖΕΤΑΙ διαμέρισμα στην Καλαμαριά. Τηλ. 838-563.

ΕΝΟΙΚΙΑΖΕΤΑΙ διαμέρισμα 4 τ.μ. στη Τούμπα. Τηλ. 266-066.

ΕΝΟΙΚΙΑΖΕΤΑΙ διαμέρισμα 50 μ2 Παπάφη. Τηλ. 532-026.

ΕΝΟΙΚΙΑΖΕΤΑΙ βιοτεχνικός χώρος 1500 τ.μ. στο Κ. Τούμπα, τηλ. 918-701.

ΕΝΟΙΚΙΑΖΕΤΑΙ διαμέρισμα με 40 τ.μ. 7 Τ.Κ. Τηλ. 813-584, 820-641.

ΕΠΙ της Βασ. Όλγας ενοικιάζεται γραφείο 30 τ.μ. Τηλ. 814-746.

ΕΝΟΙΚΙΑΖΕΤΑΙ διαμέρισμα όψης λουξ, καλλίτερο, τηλ. 419-504.

ΕΝΟΙΚΙΑΖΕΤΑΙ ρετιρέ 2 διαμ. ανεξ. και Γεωργίου 63. Τηλ. 225-461.

ΕΝΟΙΚΙΑΖΕΤΑΙ κατάστημα 44 μ2 Γαμβέττα 88. Τηλ. 222-151.

ΕΝΟΙΚΙΑΖΕΤΑΙ διαμέρισμα στον Χαρίλαο. Τηλ. 615-217.

ΕΝΟΙΚΙΑΖΕΤΑΙ Διαμέρισμα 50 τ.μ. Τηλ. 731-721.

ΕΝΟΙΚΙΑΖΕΤΑΙ γραφείο στο κέντρο. Τηλ. 222-061, 816-260.

ΕΝΟΙΚΙΑΖΕΤΑΙ διαμέρισμα. Τηλ. 843-874.

ΕΝΟΙΚΙΑΖΕΤΑΙ διαμέρισμα οδός Καρατάσου, Γεωργίου, 520-932.

ΕΝΟΙΚΙΑΖΕΤΑΙ διαμέρισμα καινούργιο 100 τ.μ. στο Πανόραμα. Τηλ. 420-005.

ΕΝΟΙΚΙΑΖΕΤΑΙ διαμέρισμα, τηλ. 266-066.

ΠΡΟΣΦΟΡΑ ΕΡΓΑΣΙΑΣ

ΣΤΟ Βορειοελλαδικό χώρο διαθέτουμε με πολλά χρόνια σημαντική θέση στον τομέα μας, ζητούμε πωλητή για την Θεσσαλονίκη. Προσφέρουμε μισθό, προμήθειες και ασφάλιση. Τηλ. 541-104.

Η εξειδικευμένη βιομηχανία γάλακτος ζητεί σπουδαστή για εργασία τις απογευματινές ώρες. Απαραίτητη γνώση αγγλικών. Τηλ. 227-403, 512-672.

ΖΗΤΟΥΝΤΑΙ από την Όψιο α.Ε.Ε. πωλητές – συνεργάτες με ή χωρίς πείρα. Τηλ. 835-020.

ΖΗΤΟΥΝΤΑΙ για την «Λαϊκή» αντιπροσωπεία στη Θεσσαλονίκη άνδρες και γυναίκες για μόνιμη απασχόληση με μισθό και προμήθειες. Τηλ. 536-261.

ΚΟΠΗΣ 3 κόπτες, αρμονικοί, αντιπρόσωποι για κατάστημα ένδυσης στο κέντρο. Τηλ. 225-461.

ΚΛΗΘΗΣΕΣ διεύθυνση Ιωάννα γραμματέας, χειρίστριες ηλεκτρονικού υπολογιστή. Τηλ. 512-860.

ΝΕΕΣ για να ενσωματωθούν στον τομέα μας, με καλό μισθό και ασφάλιση. Τηλ. 277-302.

5.000 δρχ. την ημέρα, για ακόμη νέες κοπέλες που θέλουν να εργαστούν σε εταιρεία. Τηλ. 543-259.

ΠΑΡΑ πολλά επίσης με υποχρεώσεις προσωπικό. Τηλ. 543-280.

ΕΑΝ ξέρετε ξένες γλώσσες και έχετε πολιτεία στην Θεσσαλονίκη, τηλ. 226-101.

ΒΛΕΠΕ να σας μάθουμε το επάγγελμα, με καλό μισθό και καλές συνθήκες εργασίας. Τηλ. 224-317, 226-511.

ΖΗΤΕΙΤΑΙ πωλητής για εμπορική επιχείρηση με αυτοκίνητο. Τηλ. 237-520.

ΖΗΤΕΙΤΑΙ υπάλληλος για γραφείο με γνώσεις λογιστικής. Τηλ. 520-932.

ΖΗΤΟΥΝΤΑΙ διανομείς με δικό τους μηχανάκι. Τηλ. 538-119.

ΖΗΤΕΙΤΑΙ κομμώτρια με πείρα. Τηλ. 918-701.

ΖΗΤΕΙΤΑΙ σερβιτόρος για καφετέρια. Τηλ. 825-308.

ΖΗΤΟΥΝΤΑΙ εργάτριες για βιοτεχνία ενδυμάτων. Τηλ. 652-050.

ΖΗΤΕΙΤΑΙ οδηγός με δίπλωμα Γ' κατηγορίας. Τηλ. 687-021.

ΖΗΤΕΙΤΑΙ πωλήτρια για κατάστημα. Τηλ. 271-661.

ΖΗΤΕΙΤΑΙ βοηθός λογιστή. Τηλ. 253-302.

ΖΗΤΟΥΝΤΑΙ μάγειρες για εστιατόριο. Τηλ. 231-512.

ΖΗΤΕΙΤΑΙ κοπέλα για φύλαξη παιδιού. Τηλ. 420-519.

ΖΗΤΕΙΤΑΙ ηλεκτρολόγος με άδεια. Τηλ. 642-016.

ΖΗΤΕΙΤΑΙ υδραυλικός. Τηλ. 510-836.

ΖΗΤΕΙΤΑΙ φαρμακοποιός, τηλ. 813-610.

ΤΕΧΝΙΚΟΣ με πείρα στη συντήρηση μηχανημάτων. Τηλ. 815-632.

ΖΗΤΕΙΤΑΙ σπουδαστής για εργασία σε γραφείο. Τηλ. 834-933.

ΖΗΤΕΙΤΑΙ φοιτητής για μερική απασχόληση. Τηλ. 226-511.

ΖΗΤΕΙΤΑΙ κοπέλα για γραφείο με γνώση δακτυλογραφίας, τηλ. 527-360.

ΖΗΤΟΥΝΤΑΙ κύριες για εργασία στο σπίτι. Τηλ. 850-130.

ΖΗΤΕΙΤΑΙ υπάλληλος για ψιλικατζίδικο. Τηλ. 420-193.

ΖΗΤΕΙΤΑΙ κυρία για καθαριότητα γραφείων. Τηλ. 222-061.

ΖΗΤΟΥΝΤΑΙ τεχνίτες επίπλων. Τηλ. 635-321.

ΖΗΤΕΙΤΑΙ μοδίστρα με πείρα. Τηλ. 615-119.

ΖΗΤΟΥΝΤΑΙ ελαιοχρωματιστές. Τηλ. 271-293.

ΖΗΤΕΙΤΑΙ βοηθός φαρμακείου. Τηλ. 510-078.

ΖΗΤΕΙΤΑΙ ταμίας για σούπερ μάρκετ. Τηλ. 228-461.

ΖΗΤΕΙΤΑΙ γραμματέας με αγγλικά. Τηλ. 524-529, 911-519.

ΖΗΤΕΙΤΑΙ αρτεργάτης. Τηλ. 420-597.

ΖΗΤΟΥΝΤΑΙ πλασιέ. Τηλ. 731-603.

ΖΗΤΕΙΤΑΙ μηχανικός αυτοκινήτων. Τηλ. 823-822.

ΖΗΤΕΙΤΑΙ φύλακας. Τηλ. 264-816.

ΖΗΤΟΥΝΤΑΙ εργάτες. Τηλ. 267-620.

ΖΗΤΕΙΤΑΙ οδηγός ταξί. Τηλ. 212-163.

ΖΗΤΕΙΤΑΙ τηλεφωνήτρια. Τηλ. 233-157.

ΖΗΤΕΙΤΑΙ ζαχαροπλάστης. Τηλ. 253-302.

ΖΗΤΟΥΝΤΑΙ συνεργάτες. Τηλ. 825-308.

ΖΗΤΕΙΤΑΙ βοηθός κομμωτηρίου. Τηλ. 265-765.

ΖΗΤΕΙΤΑΙ υπάλληλος αποθήκης. Τηλ. 687-021.

ΖΗΤΕΙΤΑΙ ηλεκτρονικός. Τηλ. 729-335.

ΖΗΤΕΙΤΑΙ νοσοκόμα. Τηλ. 561-362.

ΖΗΤΕΙΤΑΙ πωλητής ασφαλειών. Τηλ. 828-119.

ΖΗΤΕΙΤΑΙ μάγειρας. Τηλ. 231-512.

ΖΗΤΕΙΤΑΙ ράφτης. Τηλ. 652-050.

ΖΗΤΕΙΤΑΙ υπάλληλος, τηλ. 545-010.

ΦΑΡΜΑΚΟΠΟΙΟΣ ζητεί βοηθό. Τηλ. 229-349.

ΖΗΤ
ΖΗΤ
Η ΣΥΝΕΧΕΙΑ ΣΤΗΝ ΟΗ ΣΕΛΙΔ
